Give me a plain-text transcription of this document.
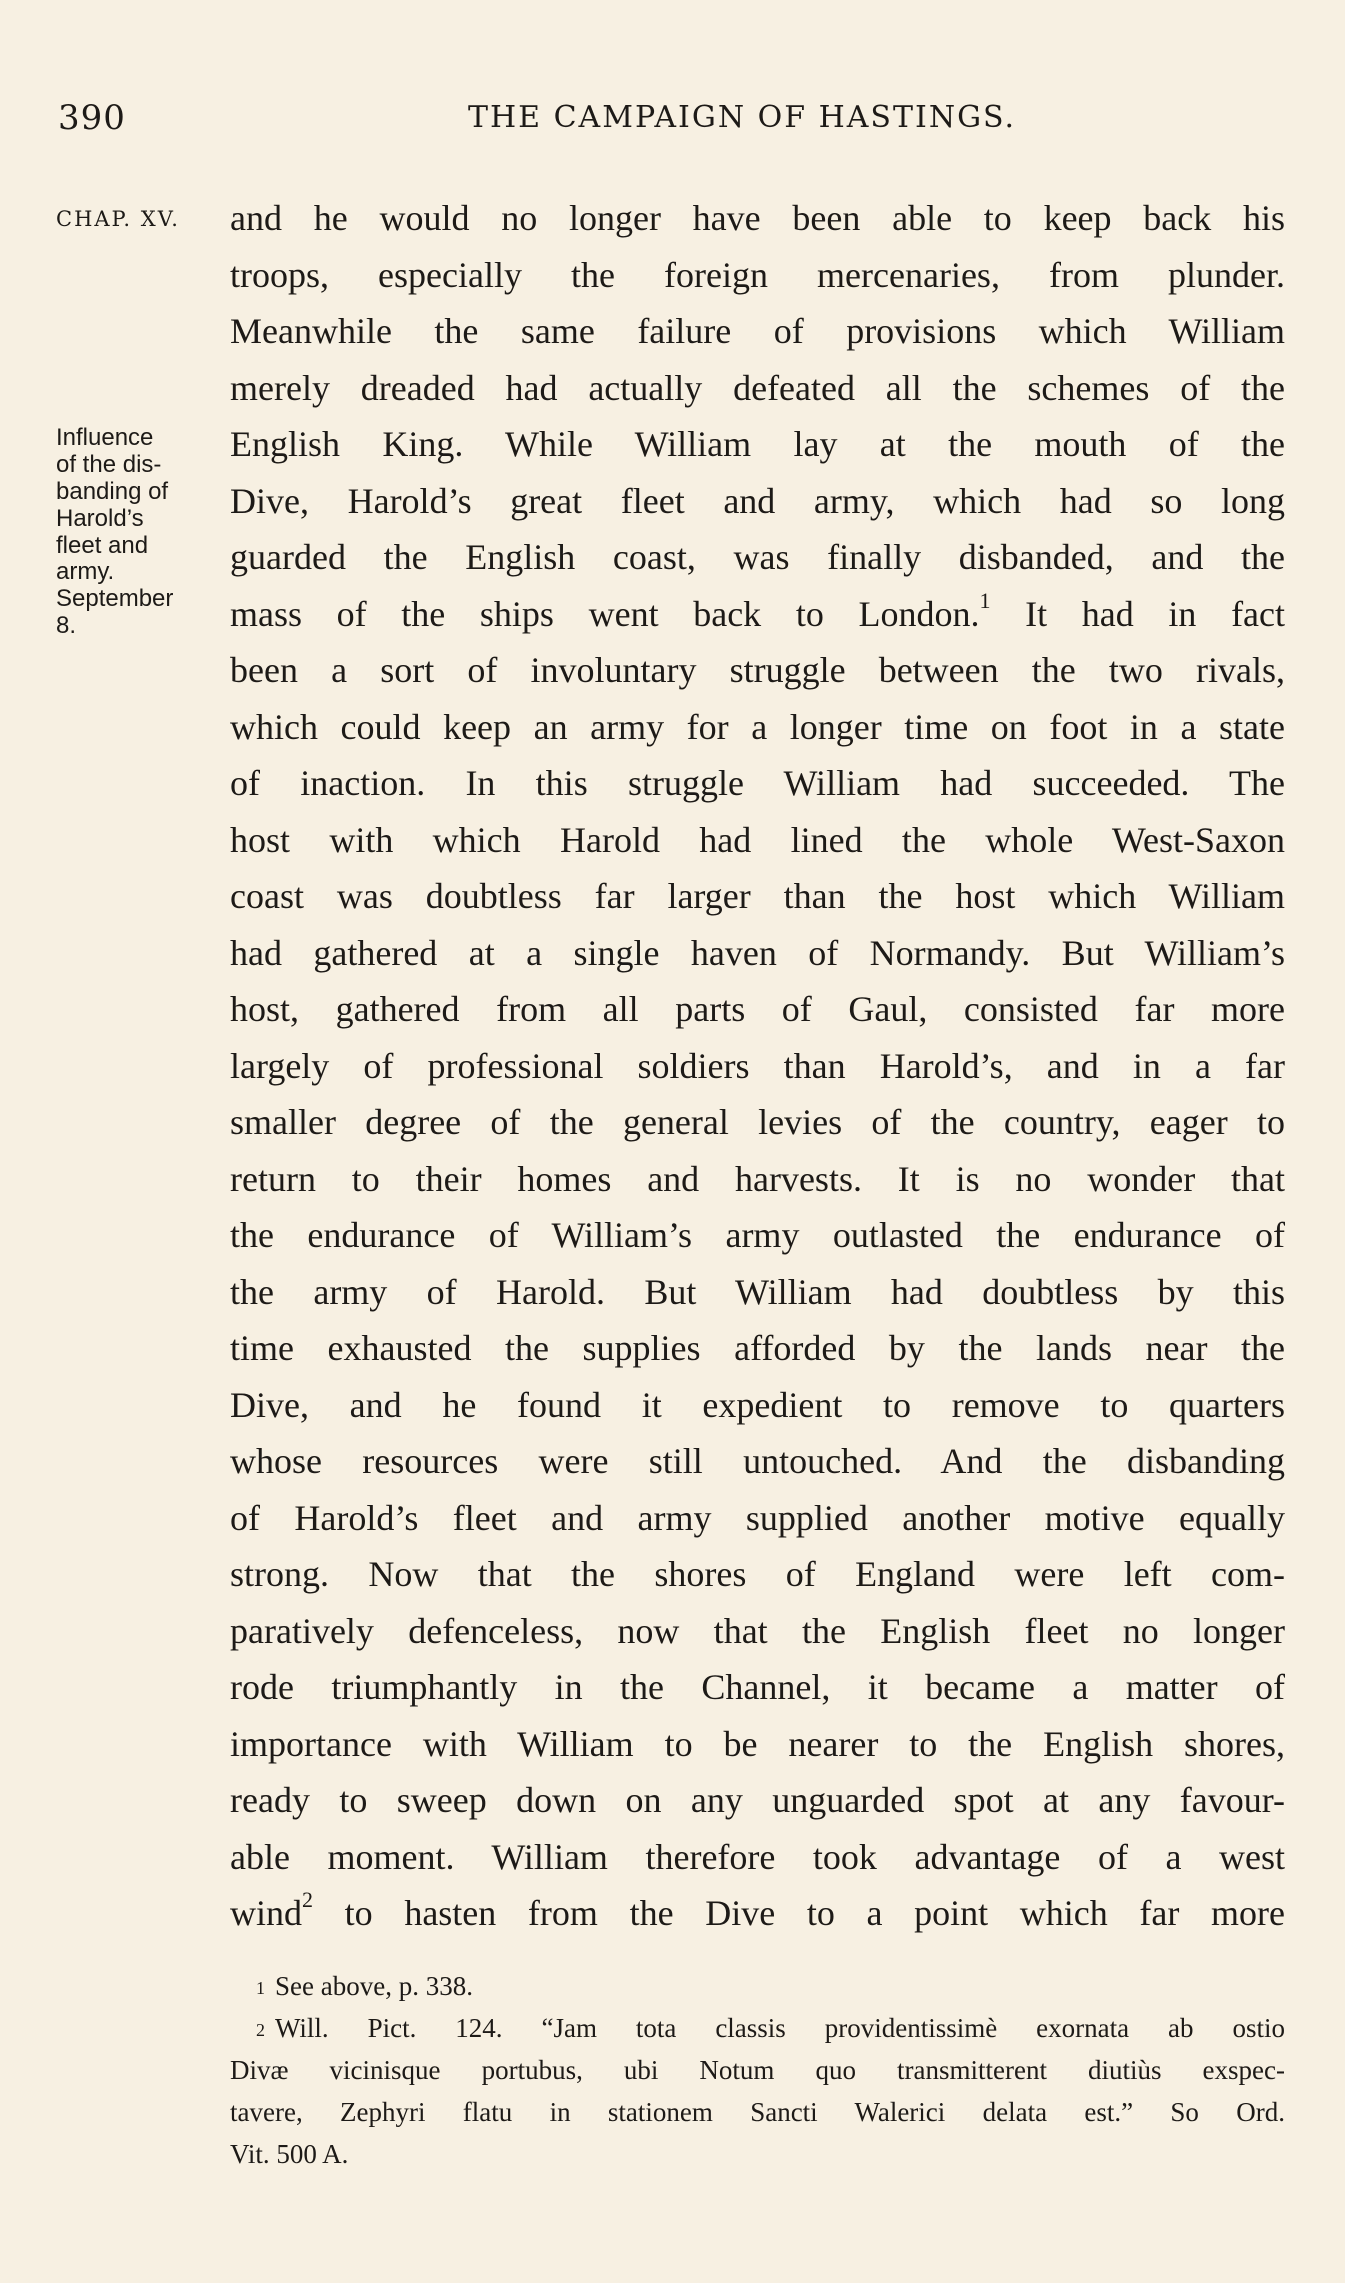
390	THE CAMPAIGN OF HASTINGS.
CHAP. XV.
Influence
of the dis-
banding of
Harold’s
fleet and
army.
September
8.
and he would no longer have been able to keep back his
troops, especially the foreign mercenaries, from plunder.
Meanwhile the same failure of provisions which William
merely dreaded had actually defeated all the schemes of the
English King. While William lay at the mouth of the
Dive, Harold’s great fleet and army, which had so long
guarded the English coast, was finally disbanded, and the
mass of the ships went back to London.$^1$ It had in fact
been a sort of involuntary struggle between the two rivals,
which could keep an army for a longer time on foot in a state
of inaction. In this struggle William had succeeded. The
host with which Harold had lined the whole West-Saxon
coast was doubtless far larger than the host which William
had gathered at a single haven of Normandy. But William’s
host, gathered from all parts of Gaul, consisted far more
largely of professional soldiers than Harold’s, and in a far
smaller degree of the general levies of the country, eager to
return to their homes and harvests. It is no wonder that
the endurance of William’s army outlasted the endurance of
the army of Harold. But William had doubtless by this
time exhausted the supplies afforded by the lands near the
Dive, and he found it expedient to remove to quarters
whose resources were still untouched. And the disbanding
of Harold’s fleet and army supplied another motive equally
strong. Now that the shores of England were left com-
paratively defenceless, now that the English fleet no longer
rode triumphantly in the Channel, it became a matter of
importance with William to be nearer to the English shores,
ready to sweep down on any unguarded spot at any favour-
able moment. William therefore took advantage of a west
wind$^2$ to hasten from the Dive to a point which far more
$^1$ See above, p. 338.
$^2$ Will. Pict. 124. “Jam tota classis providentissimè exornata ab ostio
Divæ vicinisque portubus, ubi Notum quo transmitterent diutiùs exspec-
tavere, Zephyri flatu in stationem Sancti Walerici delata est.” So Ord.
Vit. 500 A.
